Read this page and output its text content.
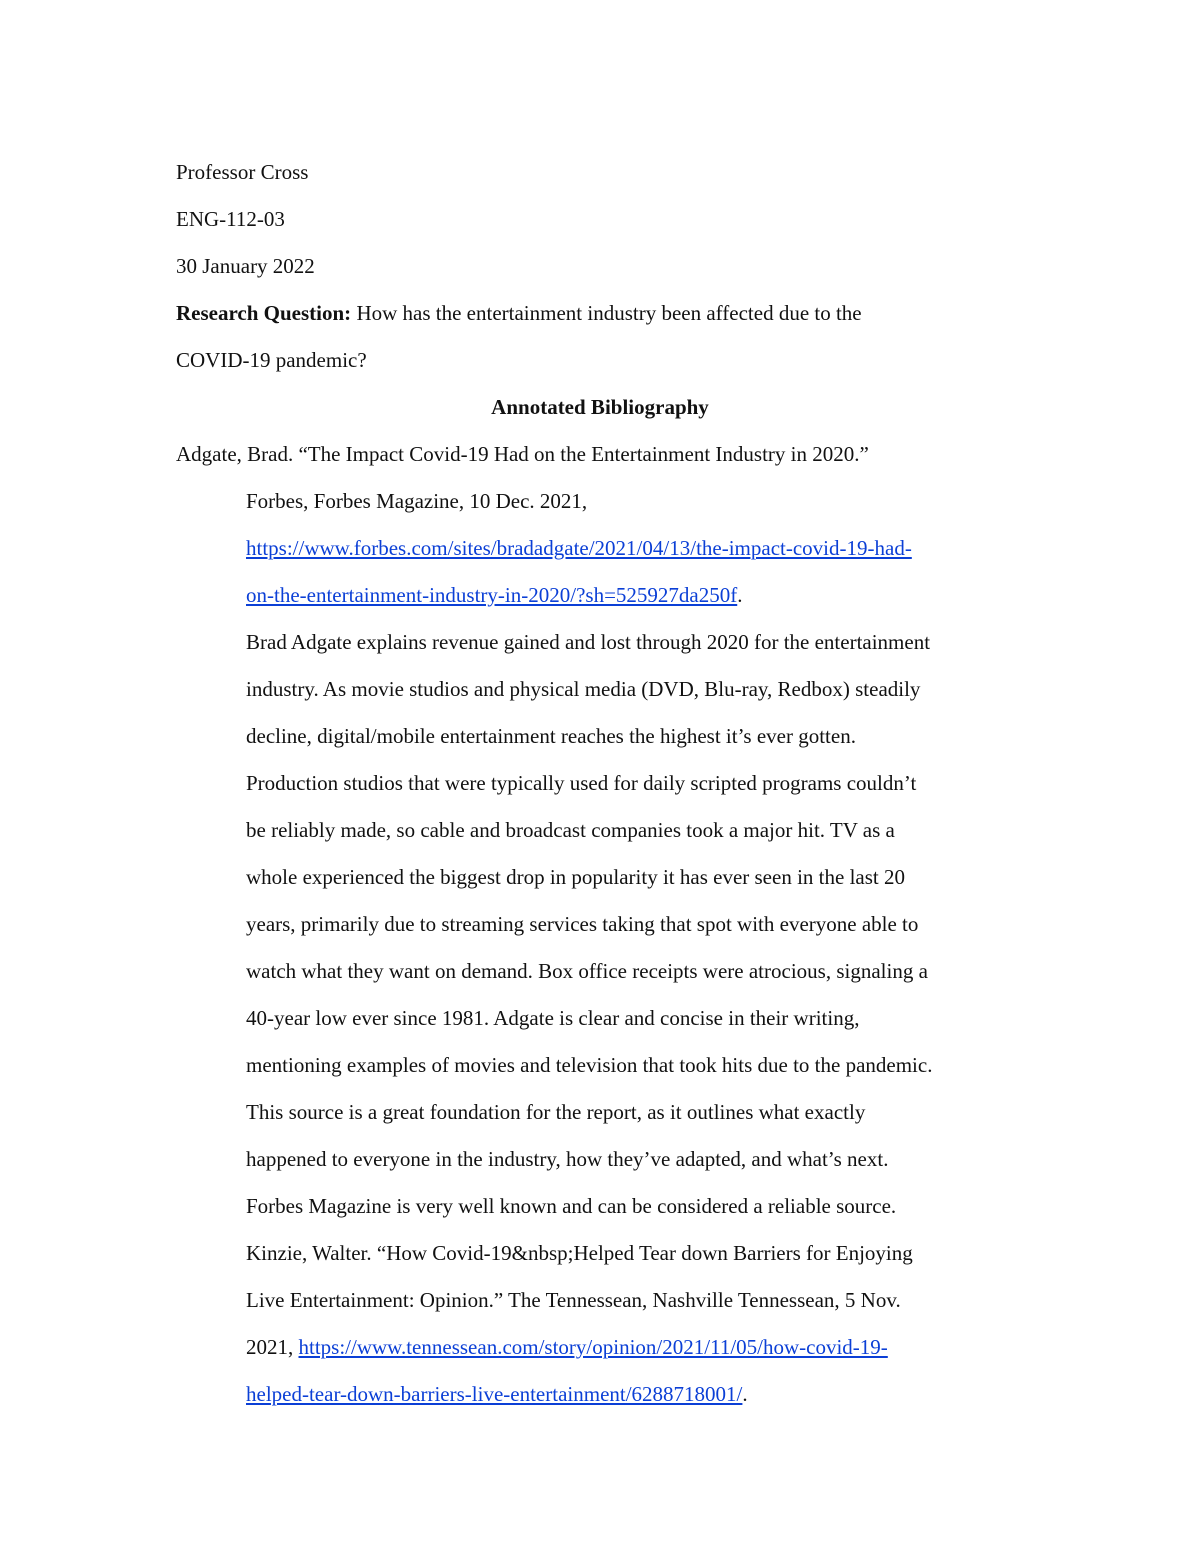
Professor Cross
ENG-112-03
30 January 2022
Research Question: How has the entertainment industry been affected due to the
COVID-19 pandemic?
Annotated Bibliography
Adgate, Brad. “The Impact Covid-19 Had on the Entertainment Industry in 2020.”
Forbes, Forbes Magazine, 10 Dec. 2021,
https://www.forbes.com/sites/bradadgate/2021/04/13/the-impact-covid-19-had-
on-the-entertainment-industry-in-2020/?sh=525927da250f.
Brad Adgate explains revenue gained and lost through 2020 for the entertainment
industry. As movie studios and physical media (DVD, Blu-ray, Redbox) steadily
decline, digital/mobile entertainment reaches the highest it’s ever gotten.
Production studios that were typically used for daily scripted programs couldn’t
be reliably made, so cable and broadcast companies took a major hit. TV as a
whole experienced the biggest drop in popularity it has ever seen in the last 20
years, primarily due to streaming services taking that spot with everyone able to
watch what they want on demand. Box office receipts were atrocious, signaling a
40-year low ever since 1981. Adgate is clear and concise in their writing,
mentioning examples of movies and television that took hits due to the pandemic.
This source is a great foundation for the report, as it outlines what exactly
happened to everyone in the industry, how they’ve adapted, and what’s next.
Forbes Magazine is very well known and can be considered a reliable source.
Kinzie, Walter. “How Covid-19&nbsp;Helped Tear down Barriers for Enjoying
Live Entertainment: Opinion.” The Tennessean, Nashville Tennessean, 5 Nov.
2021, https://www.tennessean.com/story/opinion/2021/11/05/how-covid-19-
helped-tear-down-barriers-live-entertainment/6288718001/.
